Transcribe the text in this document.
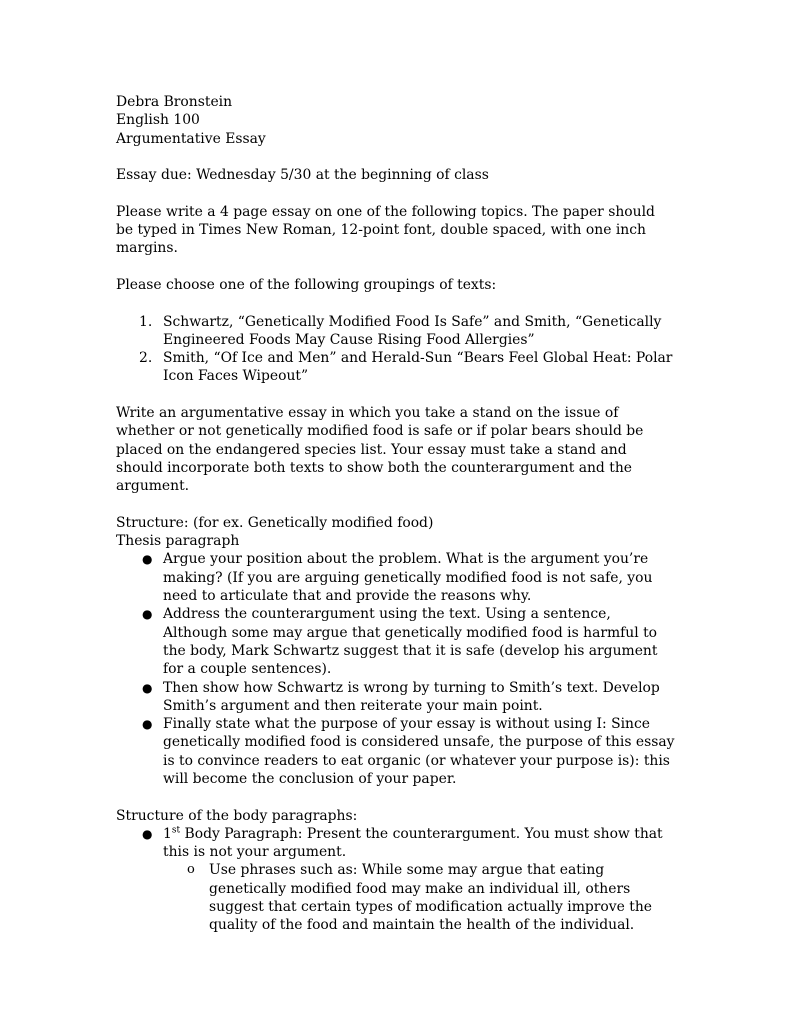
Debra Bronstein

English 100

Argumentative Essay

Essay due: Wednesday 5/30 at the beginning of class

Please write a 4 page essay on one of the following topics. The paper should be typed in Times New Roman, 12-point font, double spaced, with one inch margins.

Please choose one of the following groupings of texts:

1. Schwartz, “Genetically Modified Food Is Safe” and Smith, “Genetically Engineered Foods May Cause Rising Food Allergies”
2. Smith, “Of Ice and Men” and Herald-Sun “Bears Feel Global Heat: Polar Icon Faces Wipeout”

Write an argumentative essay in which you take a stand on the issue of whether or not genetically modified food is safe or if polar bears should be placed on the endangered species list. Your essay must take a stand and should incorporate both texts to show both the counterargument and the argument.

Structure: (for ex. Genetically modified food)

Thesis paragraph

● Argue your position about the problem. What is the argument you’re making? (If you are arguing genetically modified food is not safe, you need to articulate that and provide the reasons why.
● Address the counterargument using the text. Using a sentence, Although some may argue that genetically modified food is harmful to the body, Mark Schwartz suggest that it is safe (develop his argument for a couple sentences).
● Then show how Schwartz is wrong by turning to Smith’s text. Develop Smith’s argument and then reiterate your main point.
● Finally state what the purpose of your essay is without using I: Since genetically modified food is considered unsafe, the purpose of this essay is to convince readers to eat organic (or whatever your purpose is): this will become the conclusion of your paper.

Structure of the body paragraphs:

● 1st Body Paragraph: Present the counterargument. You must show that this is not your argument.
o Use phrases such as: While some may argue that eating genetically modified food may make an individual ill, others suggest that certain types of modification actually improve the quality of the food and maintain the health of the individual.
